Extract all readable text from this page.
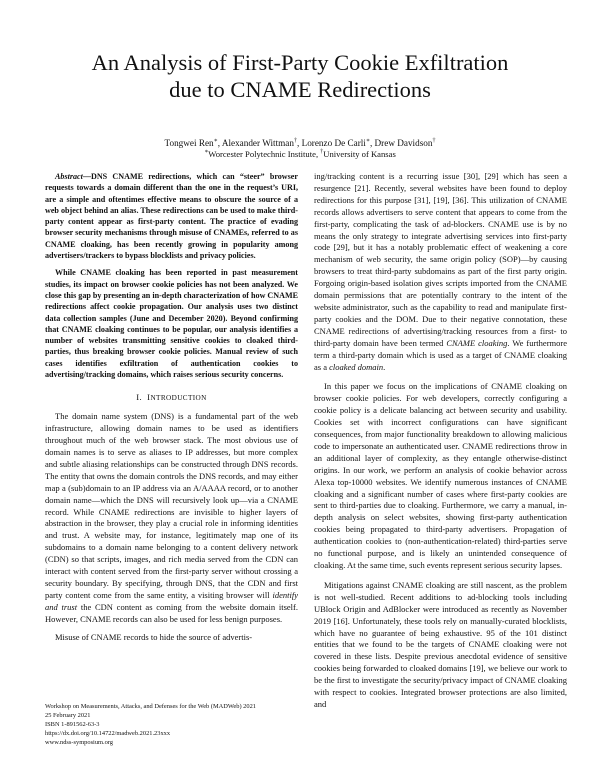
An Analysis of First-Party Cookie Exfiltration
due to CNAME Redirections
Tongwei Ren∗, Alexander Wittman†, Lorenzo De Carli∗, Drew Davidson†
∗Worcester Polytechnic Institute, †University of Kansas

Abstract—DNS CNAME redirections, which can “steer” browser requests towards a domain different than the one in the request’s URI, are a simple and oftentimes effective means to obscure the source of a web object behind an alias. These redirections can be used to make third-party content appear as first-party content. The practice of evading browser security mechanisms through misuse of CNAMEs, referred to as CNAME cloaking, has been recently growing in popularity among advertisers/trackers to bypass blocklists and privacy policies.

While CNAME cloaking has been reported in past measurement studies, its impact on browser cookie policies has not been analyzed. We close this gap by presenting an in-depth characterization of how CNAME redirections affect cookie propagation. Our analysis uses two distinct data collection samples (June and December 2020). Beyond confirming that CNAME cloaking continues to be popular, our analysis identifies a number of websites transmitting sensitive cookies to cloaked third-parties, thus breaking browser cookie policies. Manual review of such cases identifies exfiltration of authentication cookies to advertising/tracking domains, which raises serious security concerns.

I. INTRODUCTION

The domain name system (DNS) is a fundamental part of the web infrastructure, allowing domain names to be used as identifiers throughout much of the web browser stack. The most obvious use of domain names is to serve as aliases to IP addresses, but more complex and subtle aliasing relationships can be constructed through DNS records. The entity that owns the domain controls the DNS records, and may either map a (sub)domain to an IP address via an A/AAAA record, or to another domain name—which the DNS will recursively look up—via a CNAME record. While CNAME redirections are invisible to higher layers of abstraction in the browser, they play a crucial role in informing identities and trust. A website may, for instance, legitimately map one of its subdomains to a domain name belonging to a content delivery network (CDN) so that scripts, images, and rich media served from the CDN can interact with content served from the first-party server without crossing a security boundary. By specifying, through DNS, that the CDN and first party content come from the same entity, a visiting browser will identify and trust the CDN content as coming from the website domain itself. However, CNAME records can also be used for less benign purposes.

Misuse of CNAME records to hide the source of advertis-

ing/tracking content is a recurring issue [30], [29] which has seen a resurgence [21]. Recently, several websites have been found to deploy redirections for this purpose [31], [19], [36]. This utilization of CNAME records allows advertisers to serve content that appears to come from the first-party, complicating the task of ad-blockers. CNAME use is by no means the only strategy to integrate advertising services into first-party code [29], but it has a notably problematic effect of weakening a core mechanism of web security, the same origin policy (SOP)—by causing browsers to treat third-party subdomains as part of the first party origin. Forgoing origin-based isolation gives scripts imported from the CNAME domain permissions that are potentially contrary to the intent of the website administrator, such as the capability to read and manipulate first-party cookies and the DOM. Due to their negative connotation, these CNAME redirections of advertising/tracking resources from a first- to third-party domain have been termed CNAME cloaking. We furthermore term a third-party domain which is used as a target of CNAME cloaking as a cloaked domain.

In this paper we focus on the implications of CNAME cloaking on browser cookie policies. For web developers, correctly configuring a cookie policy is a delicate balancing act between security and usability. Cookies set with incorrect configurations can have significant consequences, from major functionality breakdown to allowing malicious code to impersonate an authenticated user. CNAME redirections throw in an additional layer of complexity, as they entangle otherwise-distinct origins. In our work, we perform an analysis of cookie behavior across Alexa top-10000 websites. We identify numerous instances of CNAME cloaking and a significant number of cases where first-party cookies are sent to third-parties due to cloaking. Furthermore, we carry a manual, in-depth analysis on select websites, showing first-party authentication cookies being propagated to third-party advertisers. Propagation of authentication cookies to (non-authentication-related) third-parties serve no functional purpose, and is likely an unintended consequence of cloaking. At the same time, such events represent serious security lapses.

Mitigations against CNAME cloaking are still nascent, as the problem is not well-studied. Recent additions to ad-blocking tools including UBlock Origin and AdBlocker were introduced as recently as November 2019 [16]. Unfortunately, these tools rely on manually-curated blocklists, which have no guarantee of being exhaustive. 95 of the 101 distinct entities that we found to be the targets of CNAME cloaking were not covered in these lists. Despite previous anecdotal evidence of sensitive cookies being forwarded to cloaked domains [19], we believe our work to be the first to investigate the security/privacy impact of CNAME cloaking with respect to cookies. Integrated browser protections are also limited, and

Workshop on Measurements, Attacks, and Defenses for the Web (MADWeb) 2021
25 February 2021
ISBN 1-891562-63-3
https://dx.doi.org/10.14722/madweb.2021.23xxx
www.ndss-symposium.org
